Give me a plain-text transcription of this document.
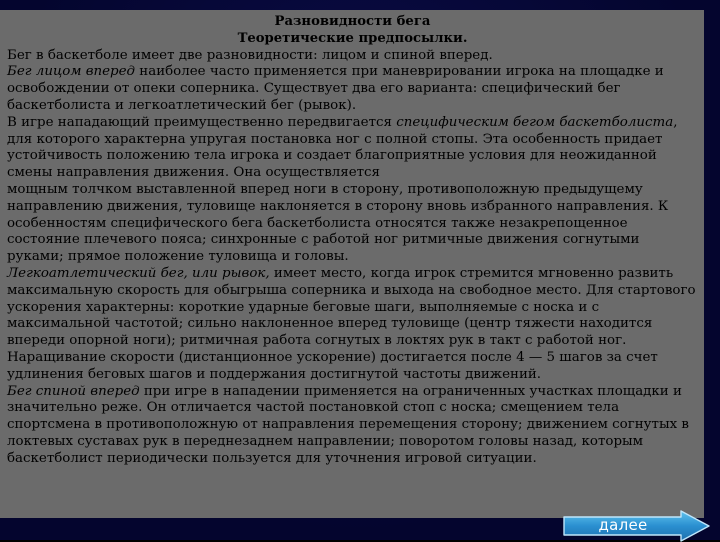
Разновидности бега
Теоретические предпосылки.

Бег в баскетболе имеет две разновидности: лицом и спиной вперед.

Бег лицом вперед наиболее часто применяется при маневрировании игрока на площадке и освобождении от опеки соперника. Существует два его варианта: специфический бег баскетболиста и легкоатлетический бег (рывок).

В игре нападающий преимущественно передвигается специфическим бегом баскетболиста, для которого характерна упругая постановка ног с полной стопы. Эта особенность придает устойчивость положению тела игрока и создает благоприятные условия для неожиданной смены направления движения. Она осуществляется

мощным толчком выставленной вперед ноги в сторону, противоположную предыдущему направлению движения, туловище наклоняется в сторону вновь избранного направления. К особенностям специфического бега баскетболиста относятся также незакрепощенное состояние плечевого пояса; синхронные с работой ног ритмичные движения согнутыми руками; прямое положение туловища и головы.

Легкоатлетический бег, или рывок, имеет место, когда игрок стремится мгновенно развить максимальную скорость для обыгрыша соперника и выхода на свободное место. Для стартового ускорения характерны: короткие ударные беговые шаги, выполняемые с носка и с максимальной частотой; сильно наклоненное вперед туловище (центр тяжести находится впереди опорной ноги); ритмичная работа согнутых в локтях рук в такт с работой ног. Наращивание скорости (дистанционное ускорение) достигается после 4 — 5 шагов за счет удлинения беговых шагов и поддержания достигнутой частоты движений.

Бег спиной вперед при игре в нападении применяется на ограниченных участках площадки и значительно реже. Он отличается частой постановкой стоп с носка; смещением тела спортсмена в противоположную от направления перемещения сторону; движением согнутых в локтевых суставах рук в переднезаднем направлении; поворотом головы назад, которым баскетболист периодически пользуется для уточнения игровой ситуации.

далее
